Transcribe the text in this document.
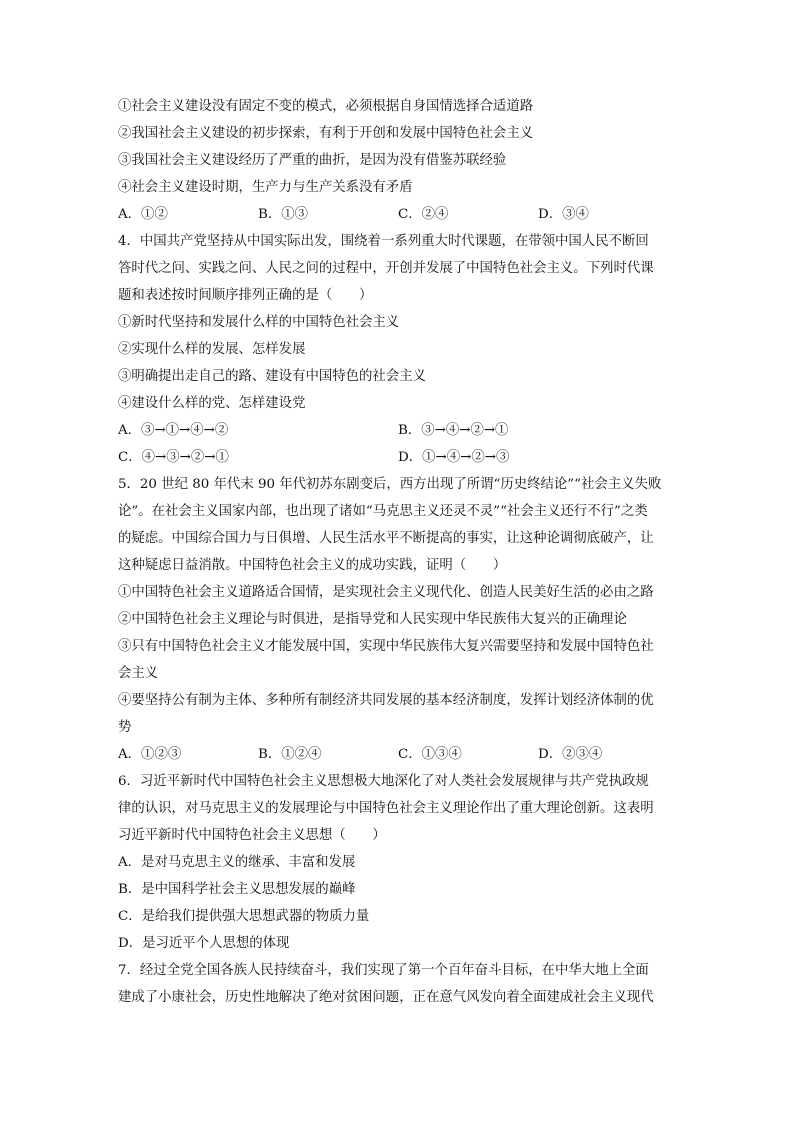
①社会主义建设没有固定不变的模式，必须根据自身国情选择合适道路
②我国社会主义建设的初步探索，有利于开创和发展中国特色社会主义
③我国社会主义建设经历了严重的曲折，是因为没有借鉴苏联经验
④社会主义建设时期，生产力与生产关系没有矛盾
A．①②	B．①③	C．②④	D．③④
4．中国共产党坚持从中国实际出发，围绕着一系列重大时代课题，在带领中国人民不断回
答时代之问、实践之问、人民之问的过程中，开创并发展了中国特色社会主义。下列时代课
题和表述按时间顺序排列正确的是（　　）
①新时代坚持和发展什么样的中国特色社会主义
②实现什么样的发展、怎样发展
③明确提出走自己的路、建设有中国特色的社会主义
④建设什么样的党、怎样建设党
A．③→①→④→②	B．③→④→②→①
C．④→③→②→①	D．①→④→②→③
5．20 世纪 80 年代末 90 年代初苏东剧变后，西方出现了所谓“历史终结论”“社会主义失败
论”。在社会主义国家内部，也出现了诸如“马克思主义还灵不灵”“社会主义还行不行”之类
的疑虑。中国综合国力与日俱增、人民生活水平不断提高的事实，让这种论调彻底破产，让
这种疑虑日益消散。中国特色社会主义的成功实践，证明（　　）
①中国特色社会主义道路适合国情，是实现社会主义现代化、创造人民美好生活的必由之路
②中国特色社会主义理论与时俱进，是指导党和人民实现中华民族伟大复兴的正确理论
③只有中国特色社会主义才能发展中国，实现中华民族伟大复兴需要坚持和发展中国特色社
会主义
④要坚持公有制为主体、多种所有制经济共同发展的基本经济制度，发挥计划经济体制的优
势
A．①②③	B．①②④	C．①③④	D．②③④
6．习近平新时代中国特色社会主义思想极大地深化了对人类社会发展规律与共产党执政规
律的认识，对马克思主义的发展理论与中国特色社会主义理论作出了重大理论创新。这表明
习近平新时代中国特色社会主义思想（　　）
A．是对马克思主义的继承、丰富和发展
B．是中国科学社会主义思想发展的巅峰
C．是给我们提供强大思想武器的物质力量
D．是习近平个人思想的体现
7．经过全党全国各族人民持续奋斗，我们实现了第一个百年奋斗目标，在中华大地上全面
建成了小康社会，历史性地解决了绝对贫困问题，正在意气风发向着全面建成社会主义现代
